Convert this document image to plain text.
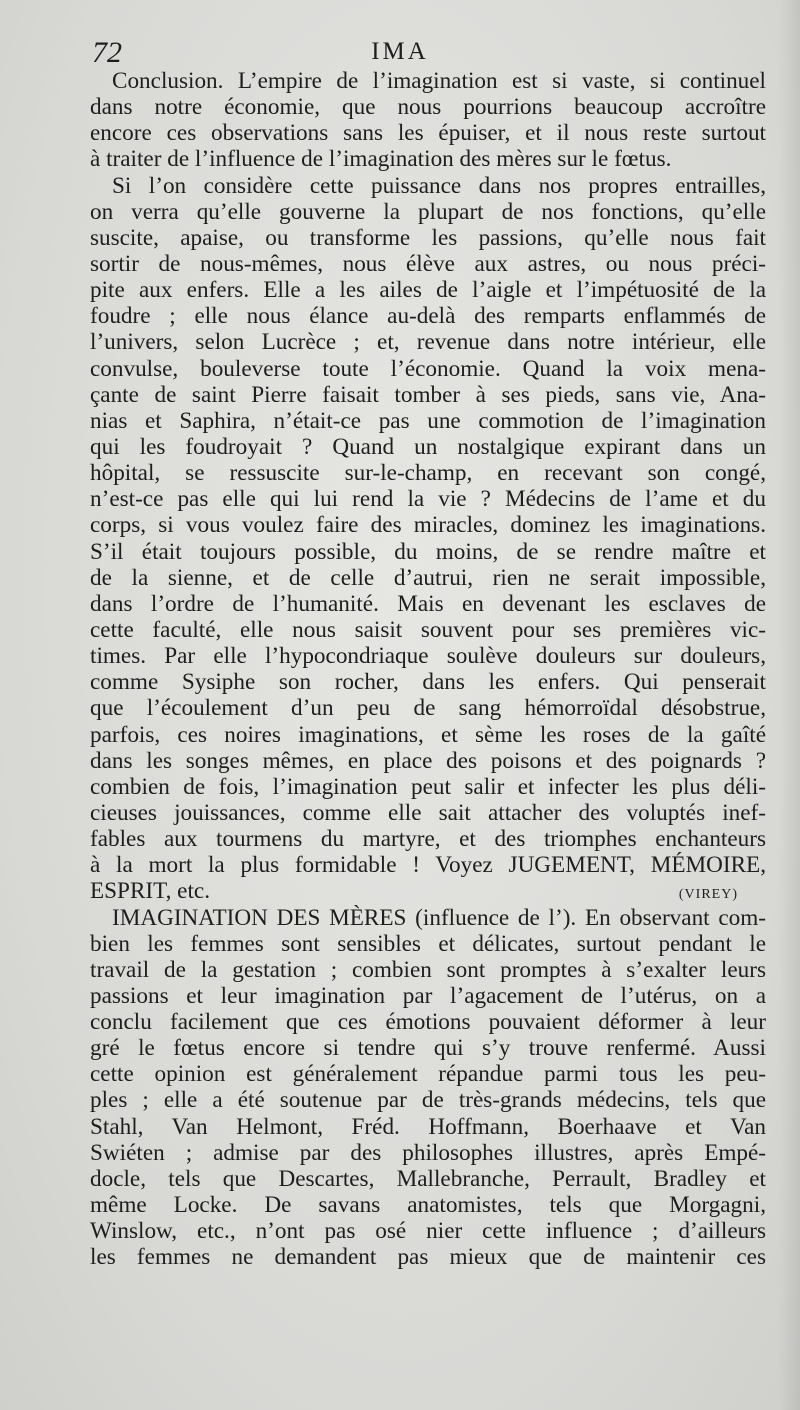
72	IMA
Conclusion. L’empire de l’imagination est si vaste, si continuel
dans notre économie, que nous pourrions beaucoup accroître
encore ces observations sans les épuiser, et il nous reste surtout
à traiter de l’influence de l’imagination des mères sur le fœtus.
Si l’on considère cette puissance dans nos propres entrailles,
on verra qu’elle gouverne la plupart de nos fonctions, qu’elle
suscite, apaise, ou transforme les passions, qu’elle nous fait
sortir de nous-mêmes, nous élève aux astres, ou nous préci-
pite aux enfers. Elle a les ailes de l’aigle et l’impétuosité de la
foudre ; elle nous élance au-delà des remparts enflammés de
l’univers, selon Lucrèce ; et, revenue dans notre intérieur, elle
convulse, bouleverse toute l’économie. Quand la voix mena-
çante de saint Pierre faisait tomber à ses pieds, sans vie, Ana-
nias et Saphira, n’était-ce pas une commotion de l’imagination
qui les foudroyait ? Quand un nostalgique expirant dans un
hôpital, se ressuscite sur-le-champ, en recevant son congé,
n’est-ce pas elle qui lui rend la vie ? Médecins de l’ame et du
corps, si vous voulez faire des miracles, dominez les imaginations.
S’il était toujours possible, du moins, de se rendre maître et
de la sienne, et de celle d’autrui, rien ne serait impossible,
dans l’ordre de l’humanité. Mais en devenant les esclaves de
cette faculté, elle nous saisit souvent pour ses premières vic-
times. Par elle l’hypocondriaque soulève douleurs sur douleurs,
comme Sysiphe son rocher, dans les enfers. Qui penserait
que l’écoulement d’un peu de sang hémorroïdal désobstrue,
parfois, ces noires imaginations, et sème les roses de la gaîté
dans les songes mêmes, en place des poisons et des poignards ?
combien de fois, l’imagination peut salir et infecter les plus déli-
cieuses jouissances, comme elle sait attacher des voluptés inef-
fables aux tourmens du martyre, et des triomphes enchanteurs
à la mort la plus formidable ! Voyez JUGEMENT, MÉMOIRE,
ESPRIT, etc.	(VIREY)
IMAGINATION DES MÈRES (influence de l’). En observant com-
bien les femmes sont sensibles et délicates, surtout pendant le
travail de la gestation ; combien sont promptes à s’exalter leurs
passions et leur imagination par l’agacement de l’utérus, on a
conclu facilement que ces émotions pouvaient déformer à leur
gré le fœtus encore si tendre qui s’y trouve renfermé. Aussi
cette opinion est généralement répandue parmi tous les peu-
ples ; elle a été soutenue par de très-grands médecins, tels que
Stahl, Van Helmont, Fréd. Hoffmann, Boerhaave et Van
Swiéten ; admise par des philosophes illustres, après Empé-
docle, tels que Descartes, Mallebranche, Perrault, Bradley et
même Locke. De savans anatomistes, tels que Morgagni,
Winslow, etc., n’ont pas osé nier cette influence ; d’ailleurs
les femmes ne demandent pas mieux que de maintenir ces
